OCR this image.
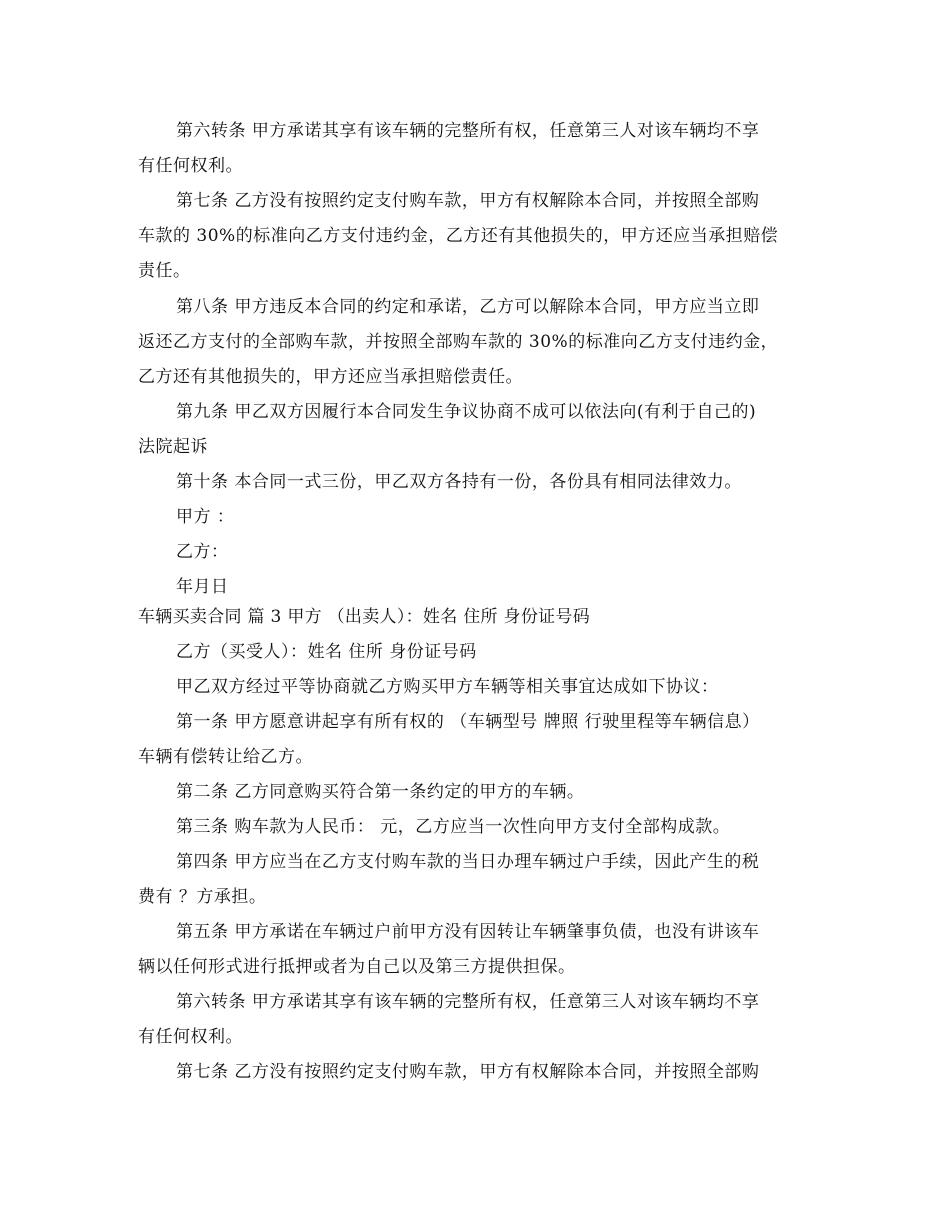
第六转条 甲方承诺其享有该车辆的完整所有权，任意第三人对该车辆均不享
有任何权利。
第七条 乙方没有按照约定支付购车款，甲方有权解除本合同，并按照全部购
车款的 30%的标准向乙方支付违约金，乙方还有其他损失的，甲方还应当承担赔偿
责任。
第八条 甲方违反本合同的约定和承诺，乙方可以解除本合同，甲方应当立即
返还乙方支付的全部购车款，并按照全部购车款的 30%的标准向乙方支付违约金，
乙方还有其他损失的，甲方还应当承担赔偿责任。
第九条 甲乙双方因履行本合同发生争议协商不成可以依法向(有利于自己的)
法院起诉
第十条 本合同一式三份，甲乙双方各持有一份，各份具有相同法律效力。
甲方 ：
乙方：
年月日
车辆买卖合同 篇 3 甲方 （出卖人）：姓名 住所 身份证号码
乙方（买受人）：姓名 住所 身份证号码
甲乙双方经过平等协商就乙方购买甲方车辆等相关事宜达成如下协议：
第一条 甲方愿意讲起享有所有权的 （车辆型号 牌照 行驶里程等车辆信息）
车辆有偿转让给乙方。
第二条 乙方同意购买符合第一条约定的甲方的车辆。
第三条 购车款为人民币： 元，乙方应当一次性向甲方支付全部构成款。
第四条 甲方应当在乙方支付购车款的当日办理车辆过户手续，因此产生的税
费有 ？方承担。
第五条 甲方承诺在车辆过户前甲方没有因转让车辆肇事负债，也没有讲该车
辆以任何形式进行抵押或者为自己以及第三方提供担保。
第六转条 甲方承诺其享有该车辆的完整所有权，任意第三人对该车辆均不享
有任何权利。
第七条 乙方没有按照约定支付购车款，甲方有权解除本合同，并按照全部购
